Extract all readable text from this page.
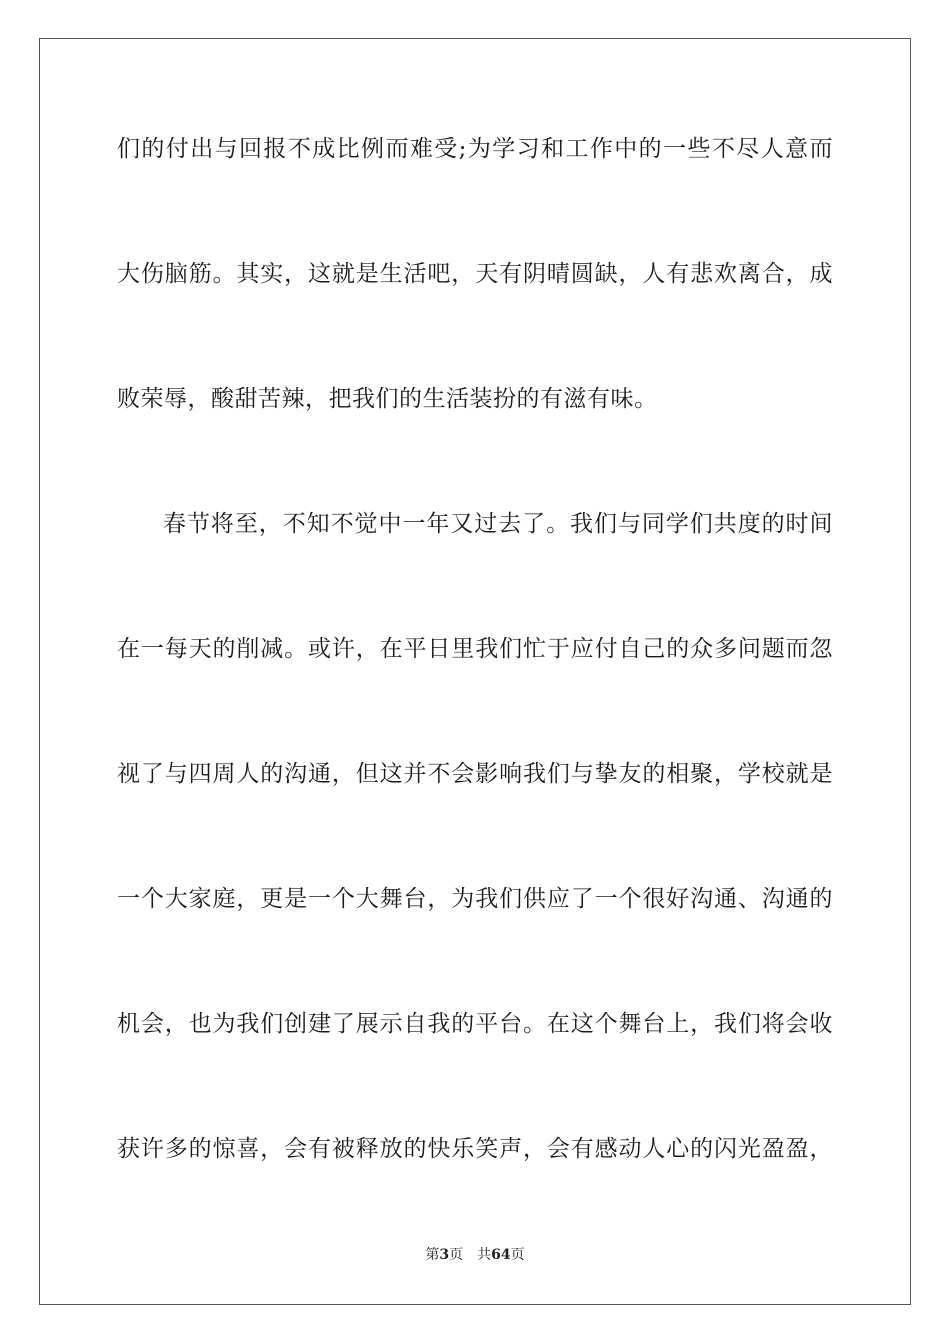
们的付出与回报不成比例而难受;为学习和工作中的一些不尽人意而
大伤脑筋。其实，这就是生活吧，天有阴晴圆缺，人有悲欢离合，成
败荣辱，酸甜苦辣，把我们的生活装扮的有滋有味。
春节将至，不知不觉中一年又过去了。我们与同学们共度的时间
在一每天的削减。或许，在平日里我们忙于应付自己的众多问题而忽
视了与四周人的沟通，但这并不会影响我们与挚友的相聚，学校就是
一个大家庭，更是一个大舞台，为我们供应了一个很好沟通、沟通的
机会，也为我们创建了展示自我的平台。在这个舞台上，我们将会收
获许多的惊喜，会有被释放的快乐笑声，会有感动人心的闪光盈盈，
第3页 共64页
